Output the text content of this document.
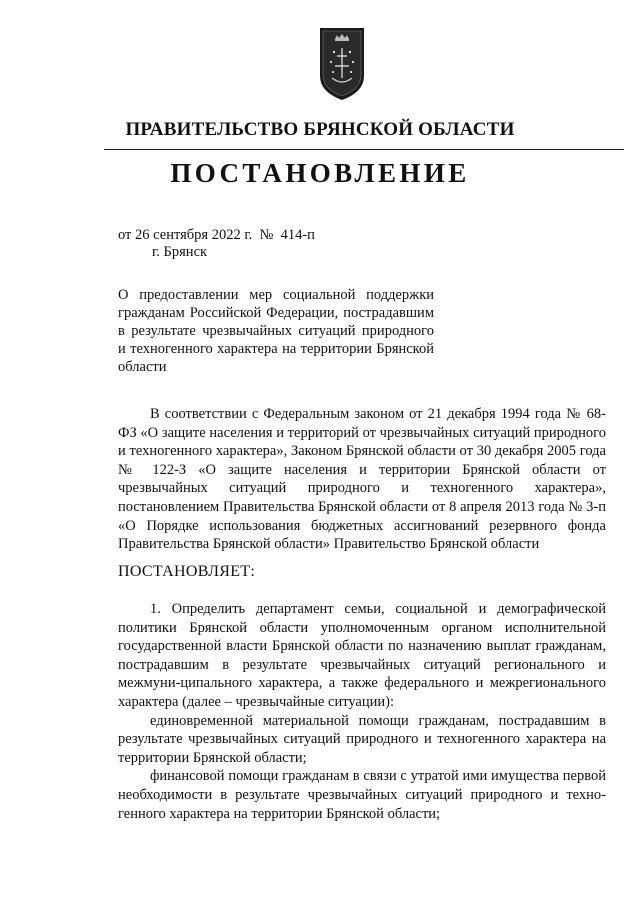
ПРАВИТЕЛЬСТВО БРЯНСКОЙ ОБЛАСТИ
ПОСТАНОВЛЕНИЕ
от 26 сентября 2022 г.  №  414-п
г. Брянск

О предоставлении мер социальной поддержки гражданам Российской Федерации, пострадавшим в результате чрезвычайных ситуаций природного и техногенного характера на территории Брянской области

В соответствии с Федеральным законом от 21 декабря 1994 года № 68-ФЗ «О защите населения и территорий от чрезвычайных ситуаций природного и техногенного характера», Законом Брянской области от 30 декабря 2005 года № 122-З «О защите населения и территории Брянской области от чрезвычайных ситуаций природного и техногенного характера», постановлением Правительства Брянской области от 8 апреля 2013 года № 3-п «О Порядке использования бюджетных ассигнований резервного фонда Правительства Брянской области» Правительство Брянской области

ПОСТАНОВЛЯЕТ:

1. Определить департамент семьи, социальной и демографической политики Брянской области уполномоченным органом исполнительной государственной власти Брянской области по назначению выплат гражданам, пострадавшим в результате чрезвычайных ситуаций регионального и межмуни-ципального характера, а также федерального и межрегионального характера (далее – чрезвычайные ситуации):

единовременной материальной помощи гражданам, пострадавшим в результате чрезвычайных ситуаций природного и техногенного характера на территории Брянской области;

финансовой помощи гражданам в связи с утратой ими имущества первой необходимости в результате чрезвычайных ситуаций природного и техно-генного характера на территории Брянской области;
